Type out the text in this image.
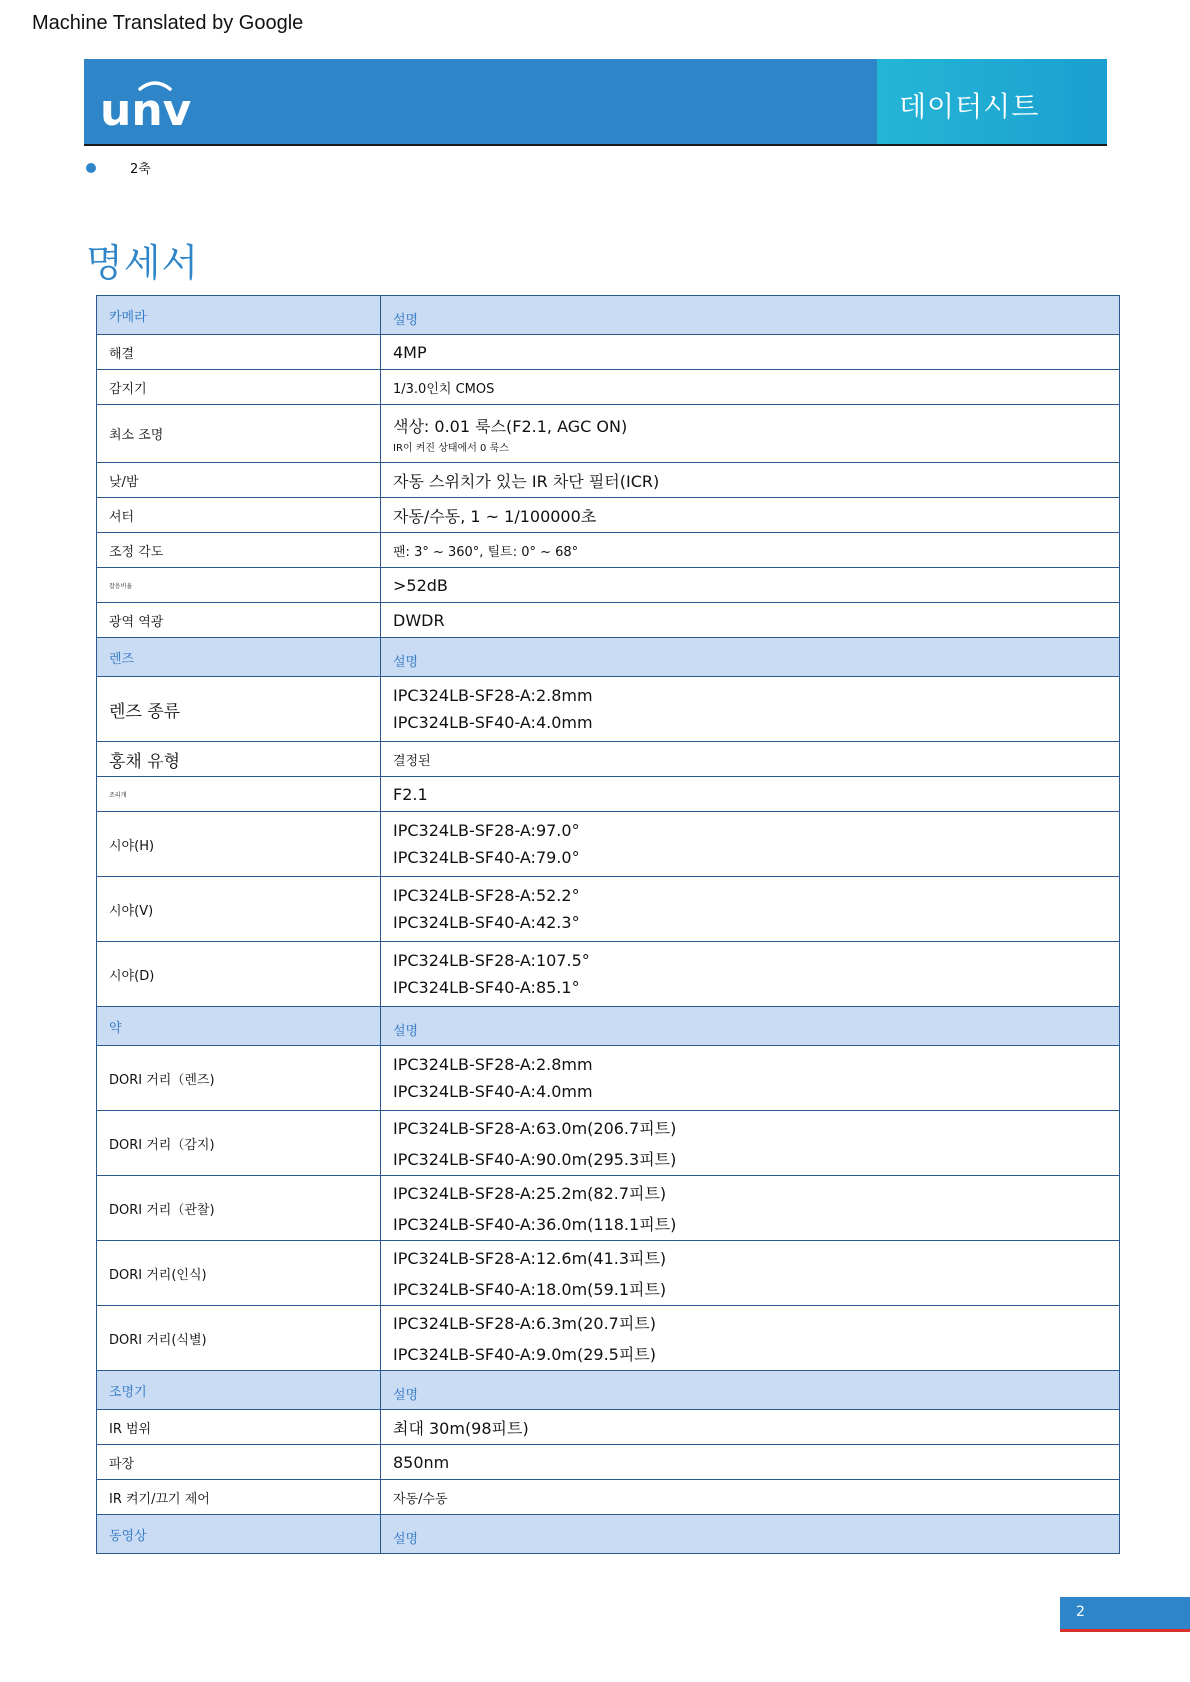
Machine Translated by Google
unv	데이터시트
2축
명세서
카메라	설명
해결	4MP
감지기	1/3.0인치 CMOS
최소 조명	색상: 0.01 룩스(F2.1, AGC ON)
IR이 켜진 상태에서 0 룩스

낮/밤	자동 스위치가 있는 IR 차단 필터(ICR)
셔터	자동/수동, 1 ~ 1/100000초
조정 각도	팬: 3° ~ 360°, 틸트: 0° ~ 68°
잡음비율	>52dB
광역 역광	DWDR
렌즈	설명
렌즈 종류	IPC324LB-SF28-A:2.8mm
IPC324LB-SF40-A:4.0mm

홍채 유형	결정된
조리개	F2.1
시야(H)	IPC324LB-SF28-A:97.0°
IPC324LB-SF40-A:79.0°

시야(V)	IPC324LB-SF28-A:52.2°
IPC324LB-SF40-A:42.3°

시야(D)	IPC324LB-SF28-A:107.5°
IPC324LB-SF40-A:85.1°

약	설명
DORI 거리（렌즈)	IPC324LB-SF28-A:2.8mm
IPC324LB-SF40-A:4.0mm

DORI 거리（감지)	IPC324LB-SF28-A:63.0m(206.7피트)
IPC324LB-SF40-A:90.0m(295.3피트)

DORI 거리（관찰)	IPC324LB-SF28-A:25.2m(82.7피트)
IPC324LB-SF40-A:36.0m(118.1피트)

DORI 거리(인식)	IPC324LB-SF28-A:12.6m(41.3피트)
IPC324LB-SF40-A:18.0m(59.1피트)

DORI 거리(식별)	IPC324LB-SF28-A:6.3m(20.7피트)
IPC324LB-SF40-A:9.0m(29.5피트)

조명기	설명
IR 범위	최대 30m(98피트)
파장	850nm
IR 켜기/끄기 제어	자동/수동
동영상	설명
2
